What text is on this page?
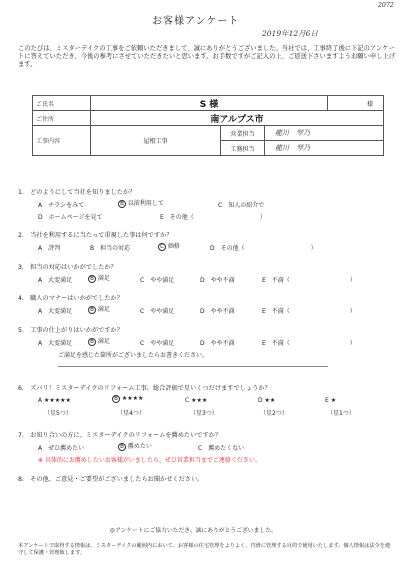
2072
お客様アンケート
2019年12月6日
このたびは、ミスターデイクの工事をご依頼いただきまして、誠にありがとうございました。当社では、工事終了後に下記のアンケートに答えていただき、今後の参考にさせていただきたいと思います。お手数ですがご記入の上、ご返送下さいますようお願い申し上げます。
ご氏名	S 様			様
ご住所	南アルプス市			
工事内容	屋根工事	営業担当	龍川　琴乃	
		工務担当	龍川　琴乃	
1.　 どのようにして当社を知りましたか？
A　チラシをみて	B 以前利用して	C　知人の紹介で
D　ホームページを見て	E　その他（　　　　　　　　　　　）
2.　 当社を利用するに当たって重視した事は何ですか？
A　評判	B　担当の対応	C 価格	D　その他（　　　　　　　　　　　）
3.　 担当の対応はいかがでしたか？
A　大変満足	B 満足	C　やや満足	D　やや不満	E　不満（　　　　　　　　　　）
4.　 職人のマナーはいかがでしたか？
A　大変満足	B 満足	C　やや満足	D　やや不満	E　不満（　　　　　　　　　　）
5.　 工事の仕上がりはいかがですか？
A　大変満足	B 満足	C　やや満足	D　やや不満	E　不満（　　　　　　　　　　）
ご満足を感じた箇所がございましたらお書きください。
6.　 ズバリ！ミスターデイクのリフォーム工事、総合評価で星いくつだけますでしょうか？
A ★★★★★	B ★★★★	C ★★★	D ★★	E ★
（星5つ）	（星4つ）	（星3つ）	（星2つ）	（星1つ）
7.　 お知り合いの方に、ミスターデイクのリフォームを薦めたいですか？
A　ぜひ薦めたい	B 薦めたい	C　薦めたくない
※ 具体的にお薦めしたいお客様がいましたら、ぜひ営業担当までご連絡ください。
8.　 その他、ご意見・ご要望がございましたらお聞かせください。
◎アンケートにご協力いただき、誠にありがとうございました。
本アンケートで取得する情報は、ミスターデイクの範囲内において、お客様の住宅管理をよりよく、円滑に管理する目的で使用いたします。個人情報は法令を遵守して保護・管理致します。
